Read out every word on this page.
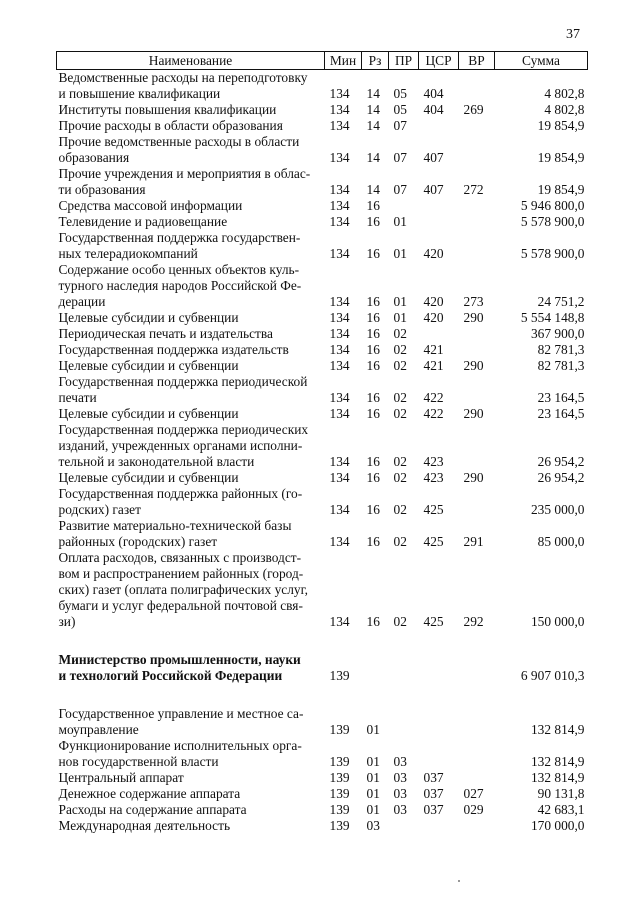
37
Наименование	Мин	Рз	ПР	ЦСР	ВР	Сумма

Ведомственные расходы на переподготовку
и повышение квалификации	134	14	05	404		4 802,8

Институты повышения квалификации	134	14	05	404	269	4 802,8

Прочие расходы в области образования	134	14	07			19 854,9

Прочие ведомственные расходы в области
образования	134	14	07	407		19 854,9

Прочие учреждения и мероприятия в облас-
ти образования	134	14	07	407	272	19 854,9

Средства массовой информации	134	16				5 946 800,0

Телевидение и радиовещание	134	16	01			5 578 900,0

Государственная поддержка государствен-
ных телерадиокомпаний	134	16	01	420		5 578 900,0

Содержание особо ценных объектов куль-
турного наследия народов Российской Фе-
дерации	134	16	01	420	273	24 751,2

Целевые субсидии и субвенции	134	16	01	420	290	5 554 148,8

Периодическая печать и издательства	134	16	02			367 900,0

Государственная поддержка издательств	134	16	02	421		82 781,3

Целевые субсидии и субвенции	134	16	02	421	290	82 781,3

Государственная поддержка периодической
печати	134	16	02	422		23 164,5

Целевые субсидии и субвенции	134	16	02	422	290	23 164,5

Государственная поддержка периодических
изданий, учрежденных органами исполни-
тельной и законодательной власти	134	16	02	423		26 954,2

Целевые субсидии и субвенции	134	16	02	423	290	26 954,2

Государственная поддержка районных (го-
родских) газет	134	16	02	425		235 000,0

Развитие материально-технической базы
районных (городских) газет	134	16	02	425	291	85 000,0

Оплата расходов, связанных с производст-
вом и распространением районных (город-
ских) газет (оплата полиграфических услуг,
бумаги и услуг федеральной почтовой свя-
зи)	134	16	02	425	292	150 000,0

Министерство промышленности, науки
и технологий Российской Федерации	139					6 907 010,3

Государственное управление и местное са-
моуправление	139	01				132 814,9

Функционирование исполнительных орга-
нов государственной власти	139	01	03			132 814,9

Центральный аппарат	139	01	03	037		132 814,9

Денежное содержание аппарата	139	01	03	037	027	90 131,8

Расходы на содержание аппарата	139	01	03	037	029	42 683,1

Международная деятельность	139	03				170 000,0
